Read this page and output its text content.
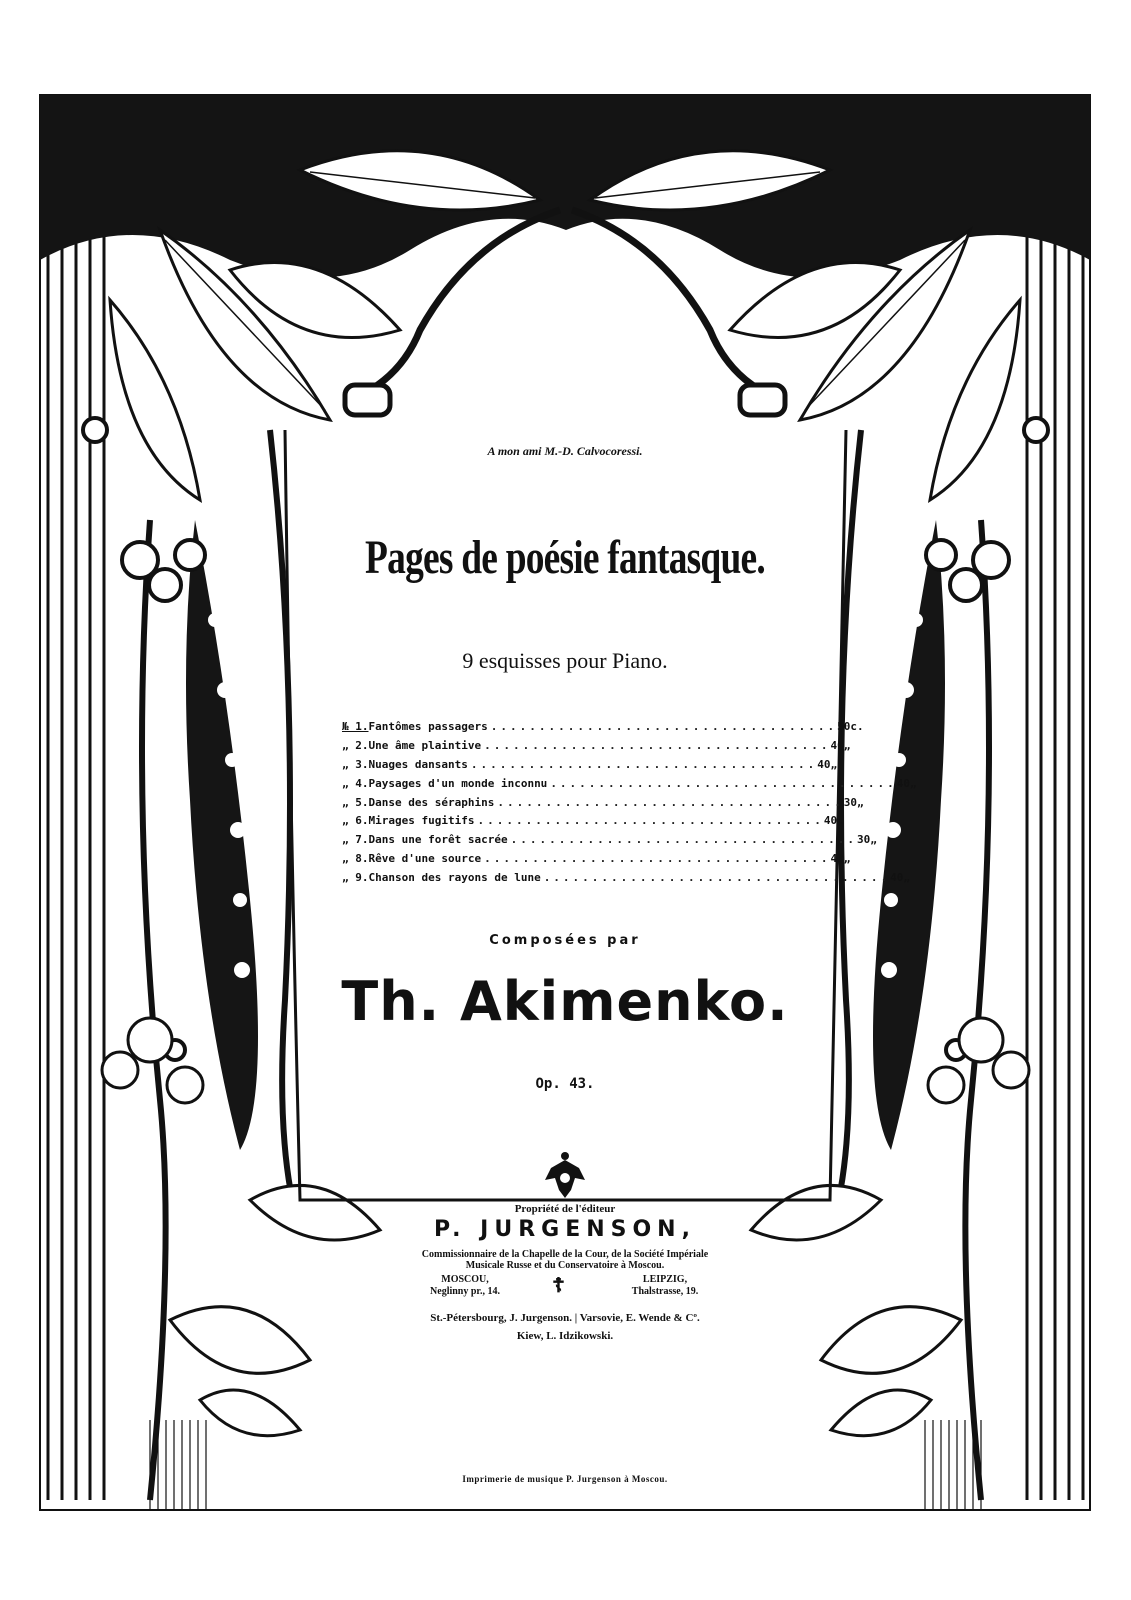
A mon ami M.-D. Calvocoressi.
Pages de poésie fantasque.
9 esquisses pour Piano.
№ 1. Fantômes passagers .................................... 50 c.
„ 2. Une âme plaintive .................................... 40 „
„ 3. Nuages dansants .................................... 40 „
„ 4. Paysages d'un monde inconnu .................................... 40 „
„ 5. Danse des séraphins .................................... 30 „
„ 6. Mirages fugitifs .................................... 40 „
„ 7. Dans une forêt sacrée .................................... 30 „
„ 8. Rêve d'une source .................................... 40 „
„ 9. Chanson des rayons de lune .................................... 40 „
Composées par
Th. Akimenko.
Op. 43.
Propriété de l'éditeur
P. JURGENSON,
Commissionnaire de la Chapelle de la Cour, de la Société Impériale
Musicale Russe et du Conservatoire à Moscou.
MOSCOU,
Neglinny pr., 14.	☦	LEIPZIG,
Thalstrasse, 19.
St.-Pétersbourg, J. Jurgenson. | Varsovie, E. Wende & Cº.
Kiew, L. Idzikowski.
Imprimerie de musique P. Jurgenson à Moscou.
